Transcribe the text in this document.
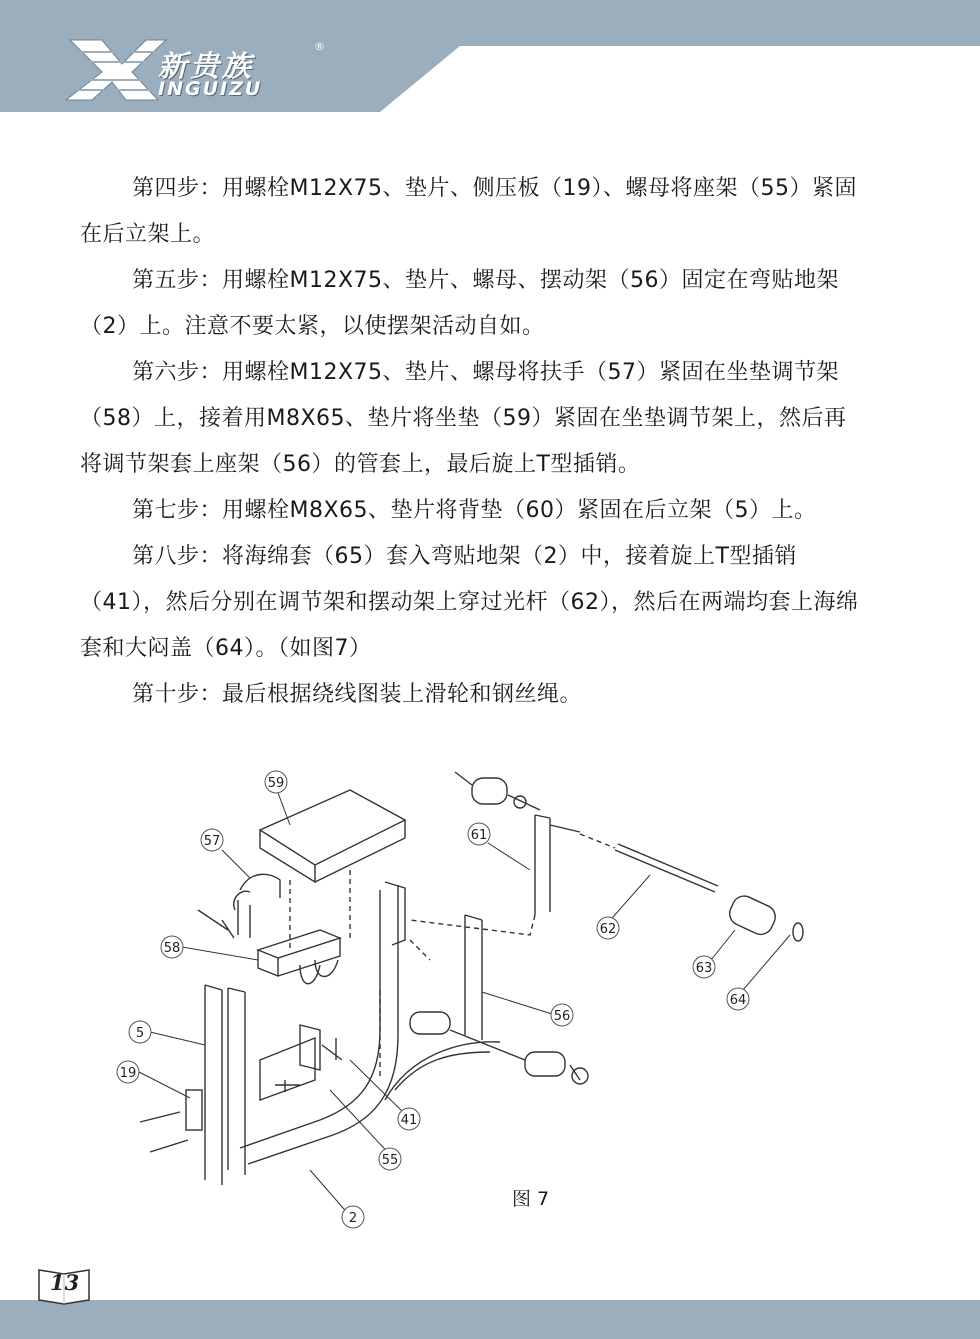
新贵族
®
INGUIZU

第四步：用螺栓M12X75、垫片、侧压板（19）、螺母将座架（55）紧固在后立架上。

第五步：用螺栓M12X75、垫片、螺母、摆动架（56）固定在弯贴地架（2）上。注意不要太紧，以使摆架活动自如。

第六步：用螺栓M12X75、垫片、螺母将扶手（57）紧固在坐垫调节架（58）上，接着用M8X65、垫片将坐垫（59）紧固在坐垫调节架上，然后再将调节架套上座架（56）的管套上，最后旋上T型插销。

第七步：用螺栓M8X65、垫片将背垫（60）紧固在后立架（5）上。

第八步：将海绵套（65）套入弯贴地架（2）中，接着旋上T型插销（41），然后分别在调节架和摆动架上穿过光杆（62），然后在两端均套上海绵套和大闷盖（64）。（如图7）

第十步：最后根据绕线图装上滑轮和钢丝绳。

59
57
58
5
19
2
55
41
56
61
62
63
64
图 7
13
